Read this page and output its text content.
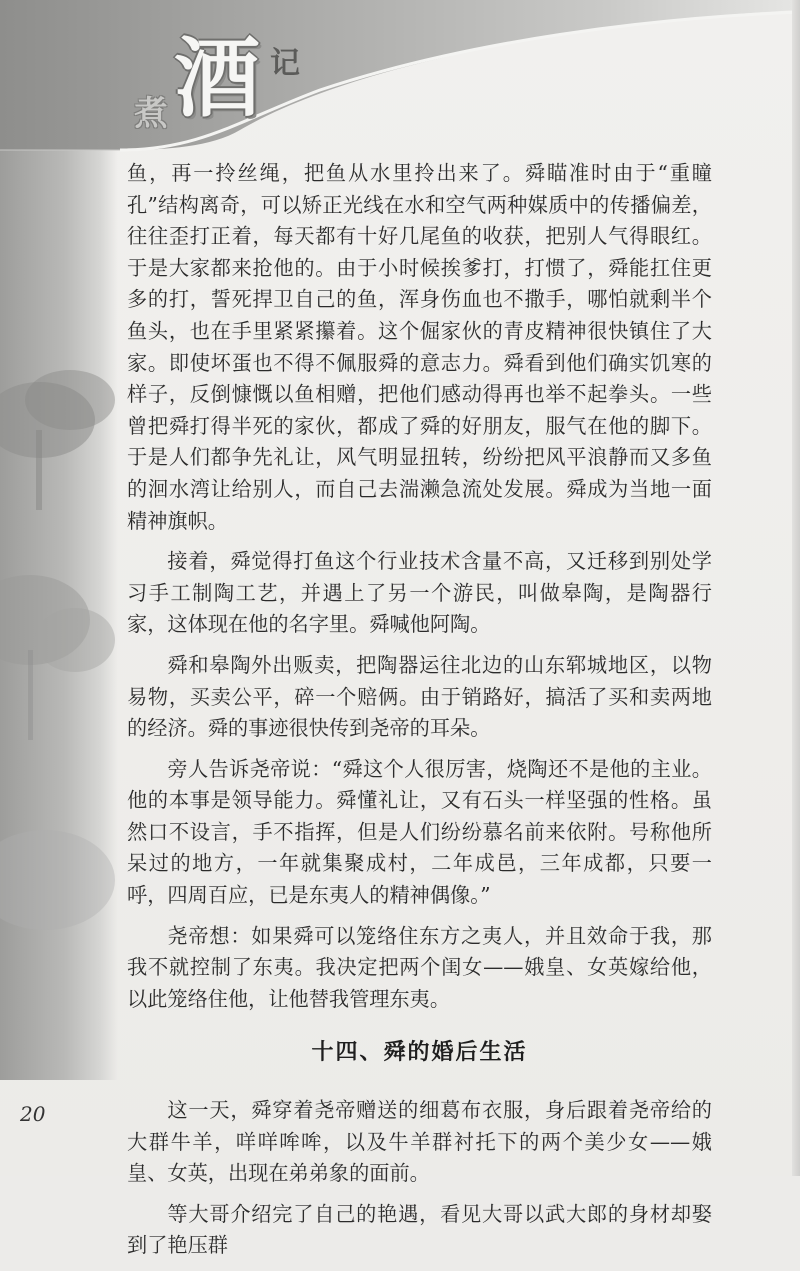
煮 酒 记

鱼，再一拎丝绳，把鱼从水里拎出来了。舜瞄准时由于“重瞳孔”结构离奇，可以矫正光线在水和空气两种媒质中的传播偏差，往往歪打正着，每天都有十好几尾鱼的收获，把别人气得眼红。于是大家都来抢他的。由于小时候挨爹打，打惯了，舜能扛住更多的打，誓死捍卫自己的鱼，浑身伤血也不撒手，哪怕就剩半个鱼头，也在手里紧紧攥着。这个倔家伙的青皮精神很快镇住了大家。即使坏蛋也不得不佩服舜的意志力。舜看到他们确实饥寒的样子，反倒慷慨以鱼相赠，把他们感动得再也举不起拳头。一些曾把舜打得半死的家伙，都成了舜的好朋友，服气在他的脚下。于是人们都争先礼让，风气明显扭转，纷纷把风平浪静而又多鱼的洄水湾让给别人，而自己去湍濑急流处发展。舜成为当地一面精神旗帜。

接着，舜觉得打鱼这个行业技术含量不高，又迁移到别处学习手工制陶工艺，并遇上了另一个游民，叫做皋陶，是陶器行家，这体现在他的名字里。舜喊他阿陶。

舜和皋陶外出贩卖，把陶器运往北边的山东郓城地区，以物易物，买卖公平，碎一个赔俩。由于销路好，搞活了买和卖两地的经济。舜的事迹很快传到尧帝的耳朵。

旁人告诉尧帝说：“舜这个人很厉害，烧陶还不是他的主业。他的本事是领导能力。舜懂礼让，又有石头一样坚强的性格。虽然口不设言，手不指挥，但是人们纷纷慕名前来依附。号称他所呆过的地方，一年就集聚成村，二年成邑，三年成都，只要一呼，四周百应，已是东夷人的精神偶像。”

尧帝想：如果舜可以笼络住东方之夷人，并且效命于我，那我不就控制了东夷。我决定把两个闺女——娥皇、女英嫁给他，以此笼络住他，让他替我管理东夷。

十四、舜的婚后生活

这一天，舜穿着尧帝赠送的细葛布衣服，身后跟着尧帝给的大群牛羊，咩咩哞哞，以及牛羊群衬托下的两个美少女——娥皇、女英，出现在弟弟象的面前。

等大哥介绍完了自己的艳遇，看见大哥以武大郎的身材却娶到了艳压群

20
